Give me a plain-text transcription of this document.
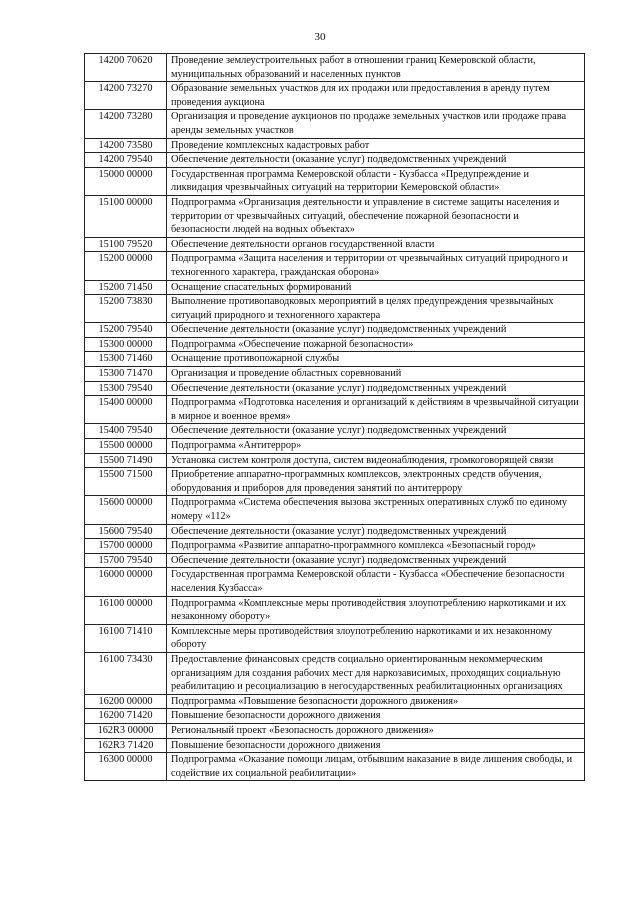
30
14200 70620	Проведение землеустроительных работ в отношении границ Кемеровской области, муниципальных образований и населенных пунктов
14200 73270	Образование земельных участков для их продажи или предоставления в аренду путем проведения аукциона
14200 73280	Организация и проведение аукционов по продаже земельных участков или продаже права аренды земельных участков
14200 73580	Проведение комплексных кадастровых работ
14200 79540	Обеспечение деятельности (оказание услуг) подведомственных учреждений
15000 00000	Государственная программа Кемеровской области - Кузбасса «Предупреждение и ликвидация чрезвычайных ситуаций на территории Кемеровской области»
15100 00000	Подпрограмма «Организация деятельности и управление в системе защиты населения и территории от чрезвычайных ситуаций, обеспечение пожарной безопасности и безопасности людей на водных объектах»
15100 79520	Обеспечение деятельности органов государственной власти
15200 00000	Подпрограмма «Защита населения и территории от чрезвычайных ситуаций природного и техногенного характера, гражданская оборона»
15200 71450	Оснащение спасательных формирований
15200 73830	Выполнение противопаводковых мероприятий в целях предупреждения чрезвычайных ситуаций природного и техногенного характера
15200 79540	Обеспечение деятельности (оказание услуг) подведомственных учреждений
15300 00000	Подпрограмма «Обеспечение пожарной безопасности»
15300 71460	Оснащение противопожарной службы
15300 71470	Организация и проведение областных соревнований
15300 79540	Обеспечение деятельности (оказание услуг) подведомственных учреждений
15400 00000	Подпрограмма «Подготовка населения и организаций к действиям в чрезвычайной ситуации в мирное и военное время»
15400 79540	Обеспечение деятельности (оказание услуг) подведомственных учреждений
15500 00000	Подпрограмма «Антитеррор»
15500 71490	Установка систем контроля доступа, систем видеонаблюдения, громкоговорящей связи
15500 71500	Приобретение аппаратно-программных комплексов, электронных средств обучения, оборудования и приборов для проведения занятий по антитеррору
15600 00000	Подпрограмма «Система обеспечения вызова экстренных оперативных служб по единому номеру «112»
15600 79540	Обеспечение деятельности (оказание услуг) подведомственных учреждений
15700 00000	Подпрограмма «Развитие аппаратно-программного комплекса «Безопасный город»
15700 79540	Обеспечение деятельности (оказание услуг) подведомственных учреждений
16000 00000	Государственная программа Кемеровской области - Кузбасса «Обеспечение безопасности населения Кузбасса»
16100 00000	Подпрограмма «Комплексные меры противодействия злоупотреблению наркотиками и их незаконному обороту»
16100 71410	Комплексные меры противодействия злоупотреблению наркотиками и их незаконному обороту
16100 73430	Предоставление финансовых средств социально ориентированным некоммерческим организациям для создания рабочих мест для наркозависимых, проходящих социальную реабилитацию и ресоциализацию в негосударственных реабилитационных организациях
16200 00000	Подпрограмма «Повышение безопасности дорожного движения»
16200 71420	Повышение безопасности дорожного движения
162R3 00000	Региональный проект «Безопасность дорожного движения»
162R3 71420	Повышение безопасности дорожного движения
16300 00000	Подпрограмма «Оказание помощи лицам, отбывшим наказание в виде лишения свободы, и содействие их социальной реабилитации»
